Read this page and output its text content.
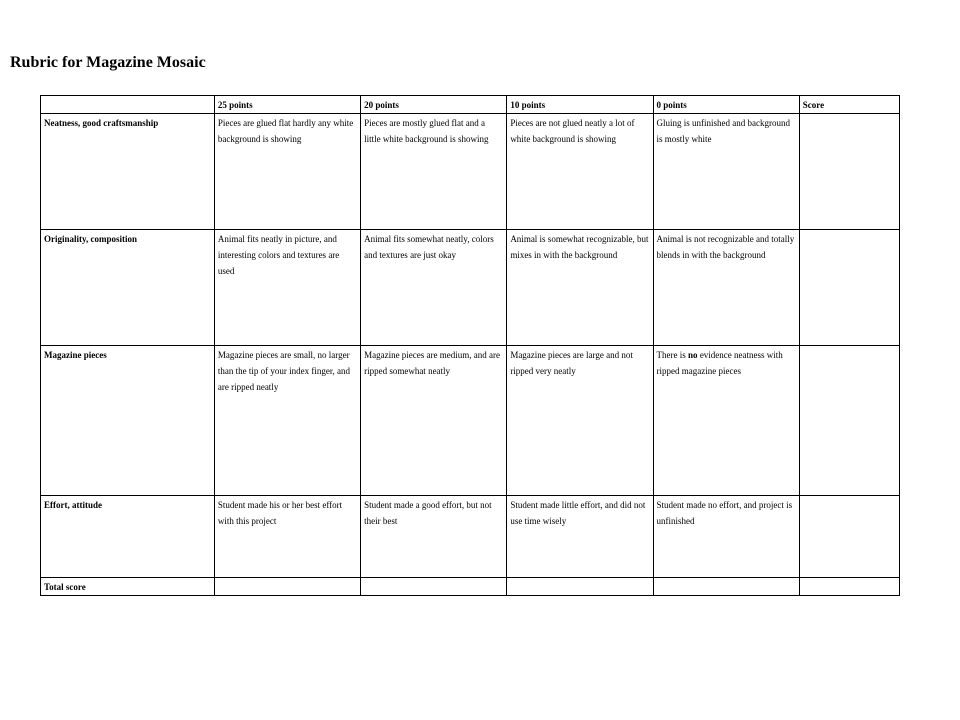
Rubric for Magazine Mosaic
	25 points	20 points	10 points	0 points	Score
Neatness, good craftsmanship	Pieces are glued flat hardly any white background is showing	Pieces are mostly glued flat and a little white background is showing	Pieces are not glued neatly a lot of white background is showing	Gluing is unfinished and background is mostly white	
Originality, composition	Animal fits neatly in picture, and interesting colors and textures are used	Animal fits somewhat neatly, colors and textures are just okay	Animal is somewhat recognizable, but mixes in with the background	Animal is not recognizable and totally blends in with the background	
Magazine pieces	Magazine pieces are small, no larger than the tip of your index finger, and are ripped neatly	Magazine pieces are medium, and are ripped somewhat neatly	Magazine pieces are large and not ripped very neatly	There is no evidence neatness with ripped magazine pieces	
Effort, attitude	Student made his or her best effort with this project	Student made a good effort, but not their best	Student made little effort, and did not use time wisely	Student made no effort, and project is unfinished	
Total score					
